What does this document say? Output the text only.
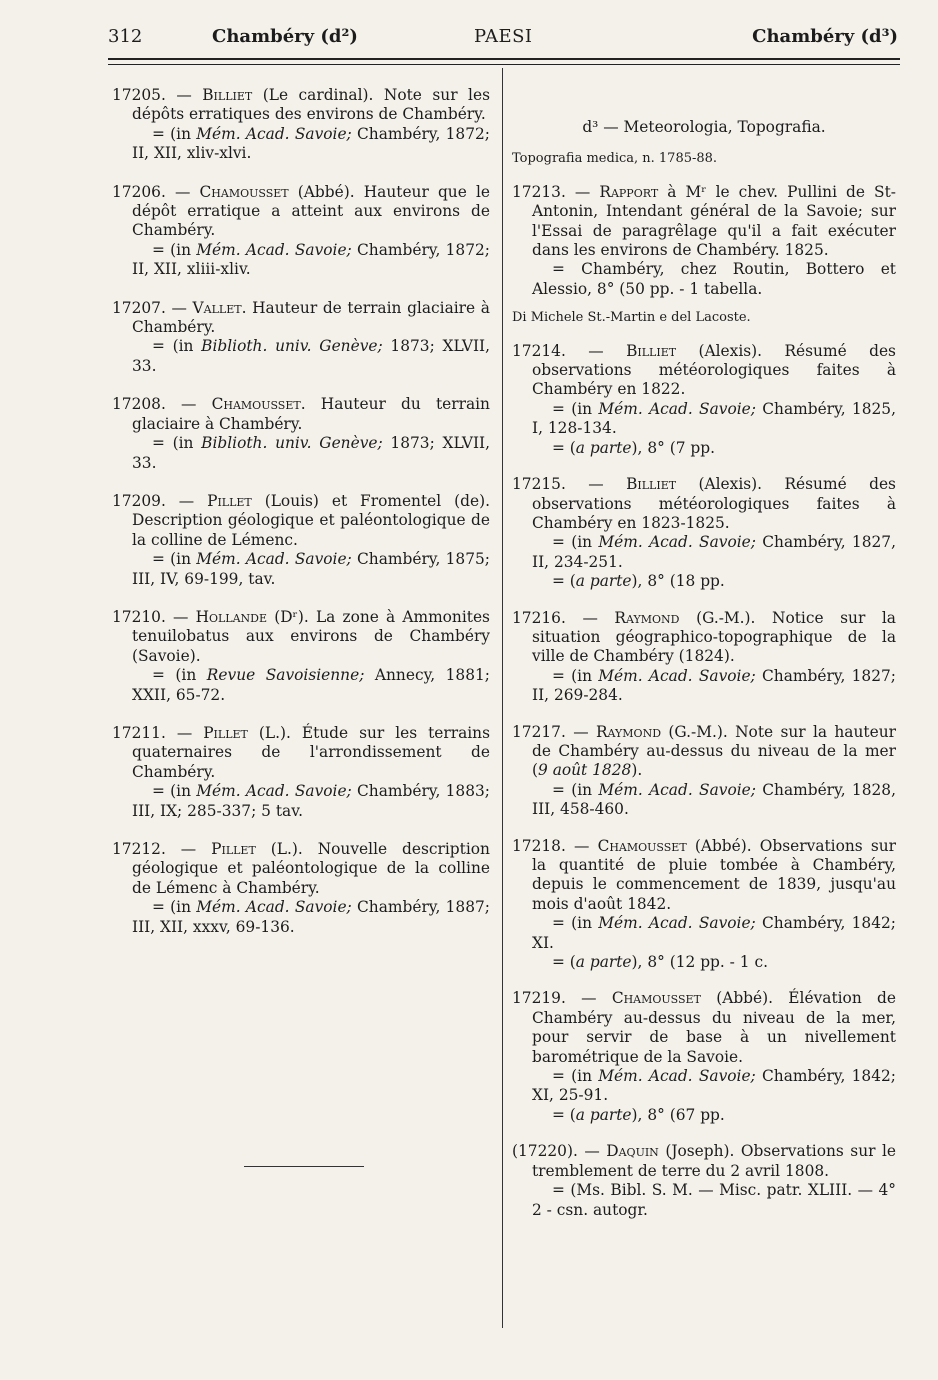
312	Chambéry (d²)	PAESI	Chambéry (d³)

17205. — Billiet (Le cardinal). Note sur les dépôts erratiques des environs de Chambéry.

= (in Mém. Acad. Savoie; Chambéry, 1872; II, XII, xliv-xlvi.

17206. — Chamousset (Abbé). Hauteur que le dépôt erratique a atteint aux environs de Chambéry.

= (in Mém. Acad. Savoie; Chambéry, 1872; II, XII, xliii-xliv.

17207. — Vallet. Hauteur de terrain glaciaire à Chambéry.

= (in Biblioth. univ. Genève; 1873; XLVII, 33.

17208. — Chamousset. Hauteur du terrain glaciaire à Chambéry.

= (in Biblioth. univ. Genève; 1873; XLVII, 33.

17209. — Pillet (Louis) et Fromentel (de). Description géologique et paléontologique de la colline de Lémenc.

= (in Mém. Acad. Savoie; Chambéry, 1875; III, IV, 69-199, tav.

17210. — Hollande (Dʳ). La zone à Ammonites tenuilobatus aux environs de Chambéry (Savoie).

= (in Revue Savoisienne; Annecy, 1881; XXII, 65-72.

17211. — Pillet (L.). Étude sur les terrains quaternaires de l'arrondissement de Chambéry.

= (in Mém. Acad. Savoie; Chambéry, 1883; III, IX; 285-337; 5 tav.

17212. — Pillet (L.). Nouvelle description géologique et paléontologique de la colline de Lémenc à Chambéry.

= (in Mém. Acad. Savoie; Chambéry, 1887; III, XII, xxxv, 69-136.

d³ — Meteorologia, Topografia.

Topografia medica, n. 1785-88.

17213. — Rapport à Mʳ le chev. Pullini de St-Antonin, Intendant général de la Savoie; sur l'Essai de paragrêlage qu'il a fait exécuter dans les environs de Chambéry. 1825.

= Chambéry, chez Routin, Bottero et Alessio, 8° (50 pp. - 1 tabella.

Di Michele St.-Martin e del Lacoste.

17214. — Billiet (Alexis). Résumé des observations météorologiques faites à Chambéry en 1822.

= (in Mém. Acad. Savoie; Chambéry, 1825, I, 128-134.

= (a parte), 8° (7 pp.

17215. — Billiet (Alexis). Résumé des observations météorologiques faites à Chambéry en 1823-1825.

= (in Mém. Acad. Savoie; Chambéry, 1827, II, 234-251.

= (a parte), 8° (18 pp.

17216. — Raymond (G.-M.). Notice sur la situation géographico-topographique de la ville de Chambéry (1824).

= (in Mém. Acad. Savoie; Chambéry, 1827; II, 269-284.

17217. — Raymond (G.-M.). Note sur la hauteur de Chambéry au-dessus du niveau de la mer (9 août 1828).

= (in Mém. Acad. Savoie; Chambéry, 1828, III, 458-460.

17218. — Chamousset (Abbé). Observations sur la quantité de pluie tombée à Chambéry, depuis le commencement de 1839, jusqu'au mois d'août 1842.

= (in Mém. Acad. Savoie; Chambéry, 1842; XI.

= (a parte), 8° (12 pp. - 1 c.

17219. — Chamousset (Abbé). Élévation de Chambéry au-dessus du niveau de la mer, pour servir de base à un nivellement barométrique de la Savoie.

= (in Mém. Acad. Savoie; Chambéry, 1842; XI, 25-91.

= (a parte), 8° (67 pp.

(17220). — Daquin (Joseph). Observations sur le tremblement de terre du 2 avril 1808.

= (Ms. Bibl. S. M. — Misc. patr. XLIII. — 4° 2 - csn. autogr.
